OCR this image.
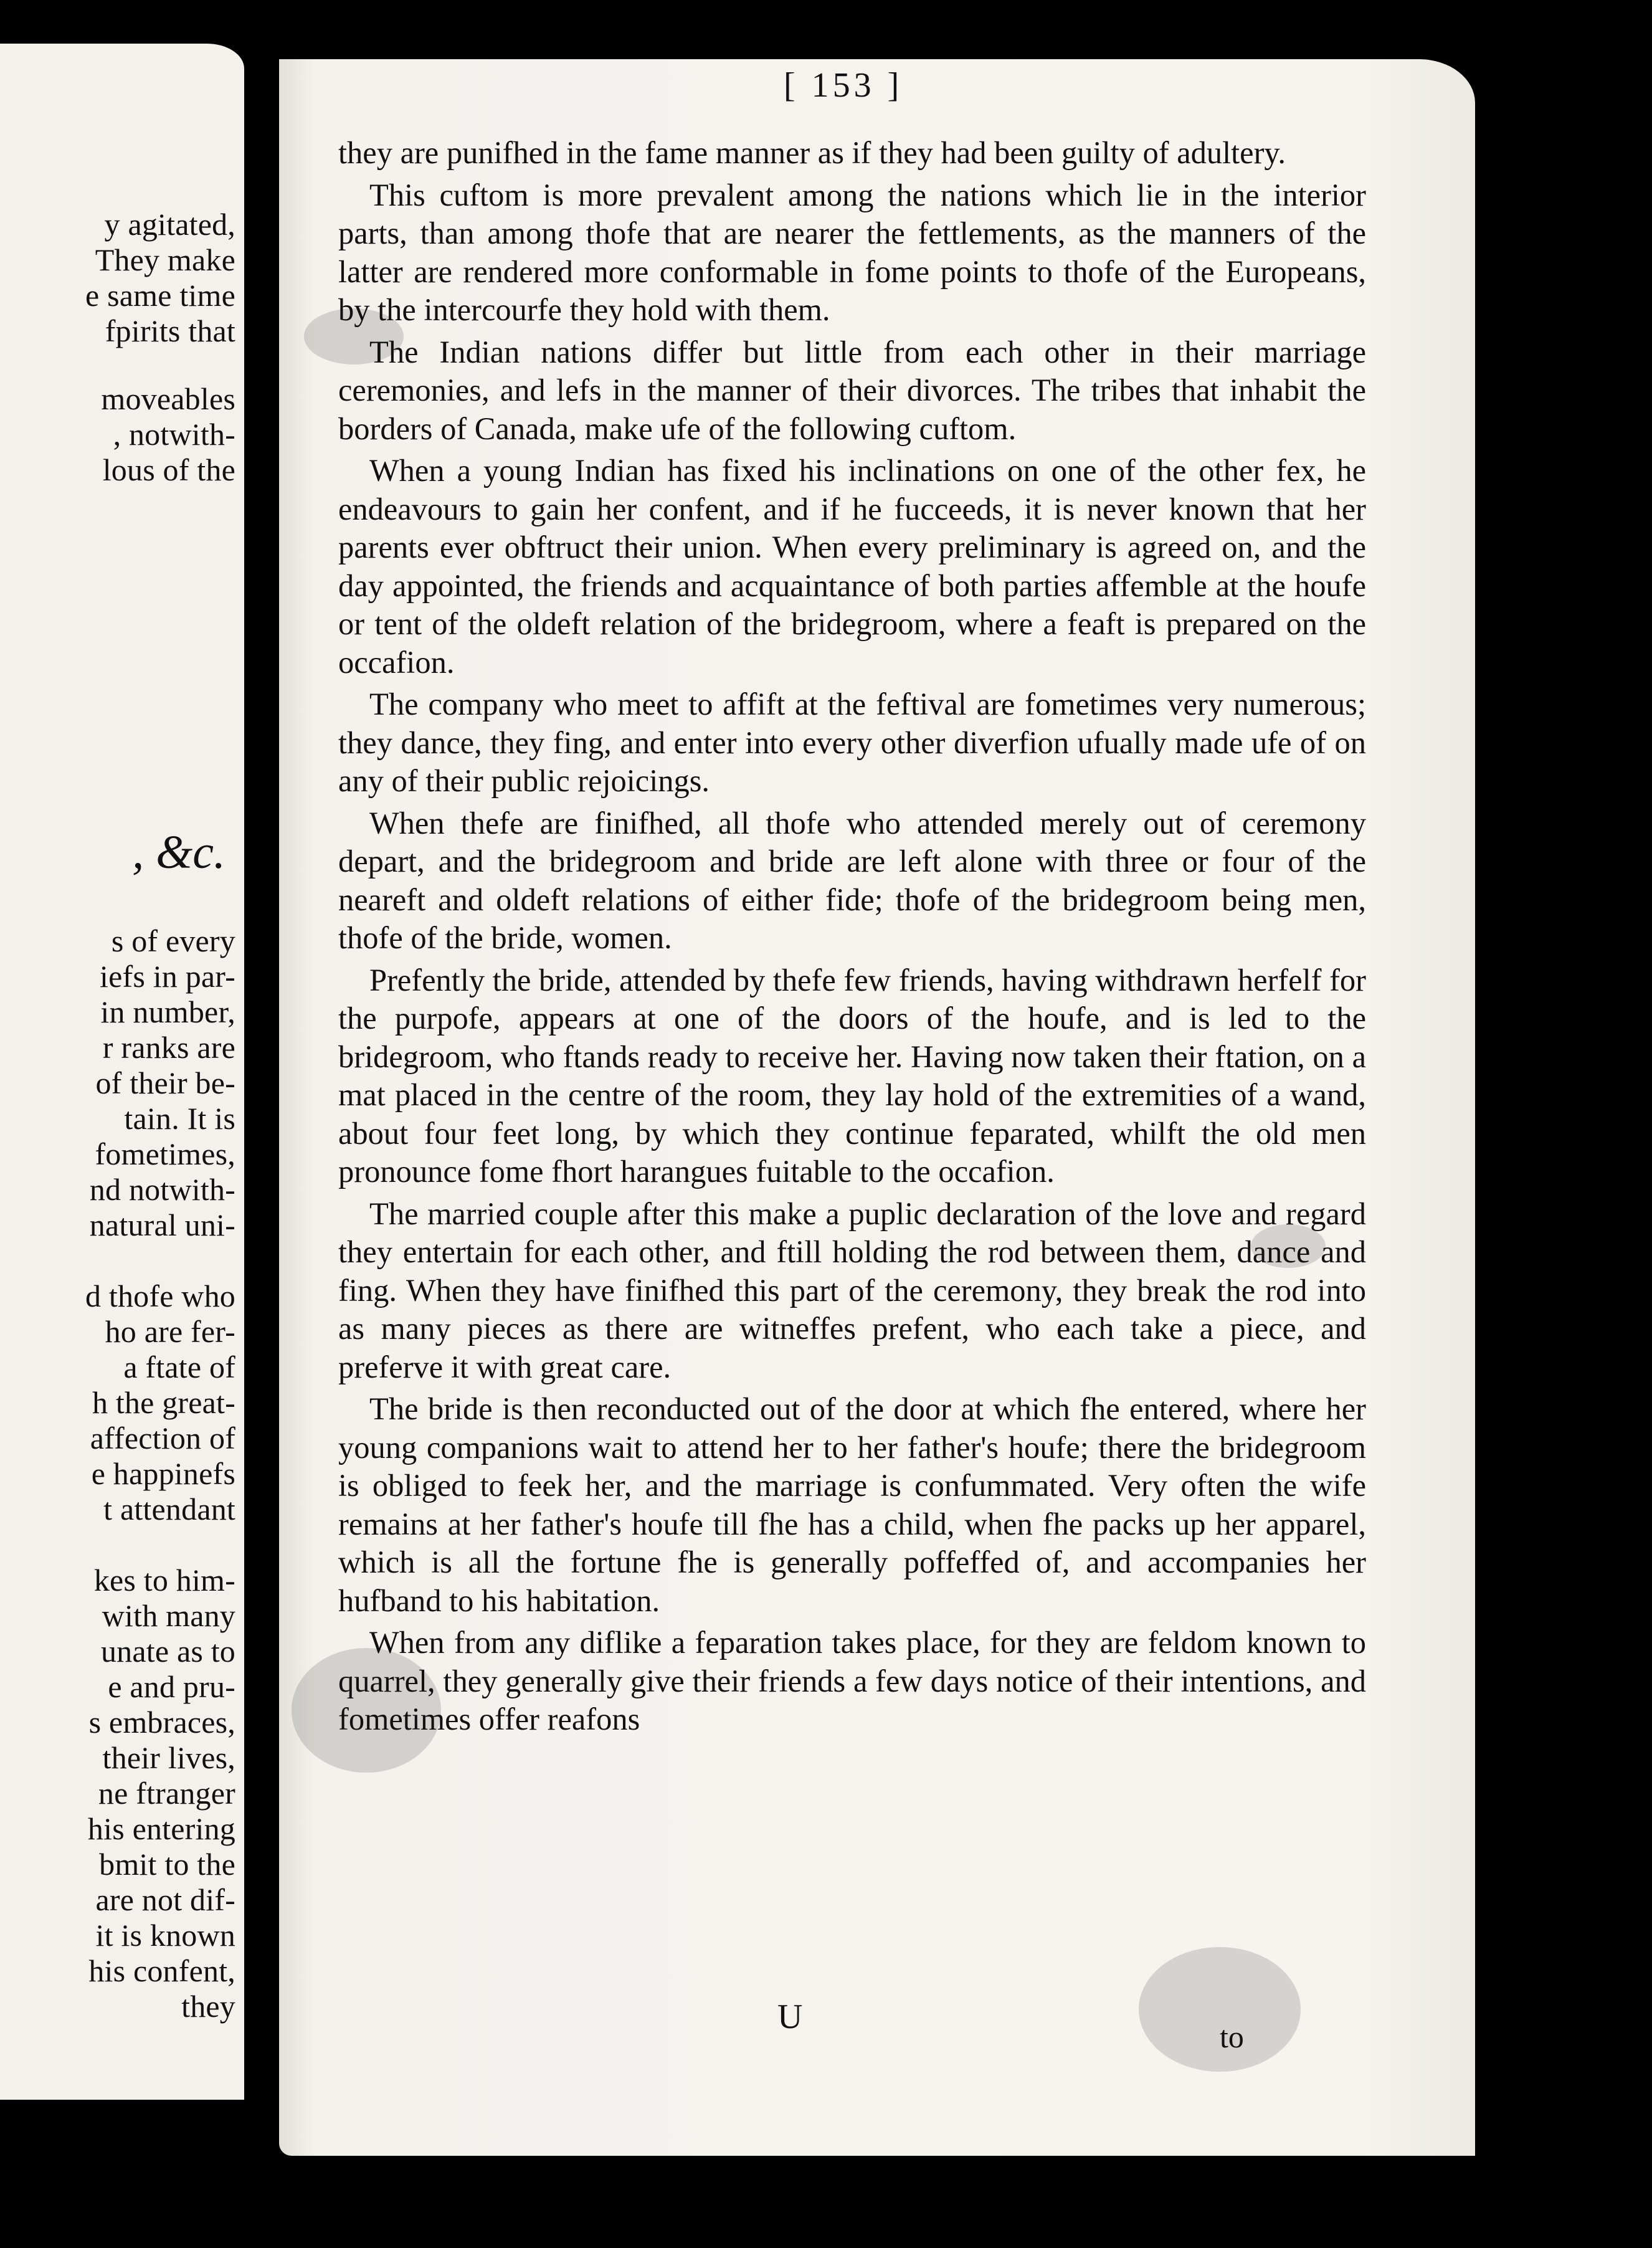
, &c.
y agitated,
They make
e same time
fpirits that
moveables
, notwith-
lous of the
s of every
iefs in par-
in number,
r ranks are
of their be-
tain. It is
fometimes,
nd notwith-
natural uni-
d thofe who
ho are fer-
a ftate of
h the great-
affection of
e happinefs
t attendant
kes to him-
with many
unate as to
e and pru-
s embraces,
their lives,
ne ftranger
his entering
bmit to the
are not dif-
it is known
his confent,
they
[ 153 ]

they are punifhed in the fame manner as if they had been guilty of adultery.

This cuftom is more prevalent among the nations which lie in the interior parts, than among thofe that are nearer the fettlements, as the manners of the latter are rendered more conformable in fome points to thofe of the Europeans, by the intercourfe they hold with them.

The Indian nations differ but little from each other in their marriage ceremonies, and lefs in the manner of their divorces. The tribes that inhabit the borders of Canada, make ufe of the following cuftom.

When a young Indian has fixed his inclinations on one of the other fex, he endeavours to gain her confent, and if he fucceeds, it is never known that her parents ever obftruct their union. When every preliminary is agreed on, and the day appointed, the friends and acquaintance of both parties affemble at the houfe or tent of the oldeft relation of the bridegroom, where a feaft is prepared on the occafion.

The company who meet to affift at the feftival are fometimes very numerous; they dance, they fing, and enter into every other diverfion ufually made ufe of on any of their public rejoicings.

When thefe are finifhed, all thofe who attended merely out of ceremony depart, and the bridegroom and bride are left alone with three or four of the neareft and oldeft relations of either fide; thofe of the bridegroom being men, thofe of the bride, women.

Prefently the bride, attended by thefe few friends, having withdrawn herfelf for the purpofe, appears at one of the doors of the houfe, and is led to the bridegroom, who ftands ready to receive her. Having now taken their ftation, on a mat placed in the centre of the room, they lay hold of the extremities of a wand, about four feet long, by which they continue feparated, whilft the old men pronounce fome fhort harangues fuitable to the occafion.

The married couple after this make a puplic declaration of the love and regard they entertain for each other, and ftill holding the rod between them, dance and fing. When they have finifhed this part of the ceremony, they break the rod into as many pieces as there are witneffes prefent, who each take a piece, and preferve it with great care.

The bride is then reconducted out of the door at which fhe entered, where her young companions wait to attend her to her father's houfe; there the bridegroom is obliged to feek her, and the marriage is confummated. Very often the wife remains at her father's houfe till fhe has a child, when fhe packs up her apparel, which is all the fortune fhe is generally poffeffed of, and accompanies her hufband to his habitation.

When from any diflike a feparation takes place, for they are feldom known to quarrel, they generally give their friends a few days notice of their intentions, and fometimes offer reafons

U
to
